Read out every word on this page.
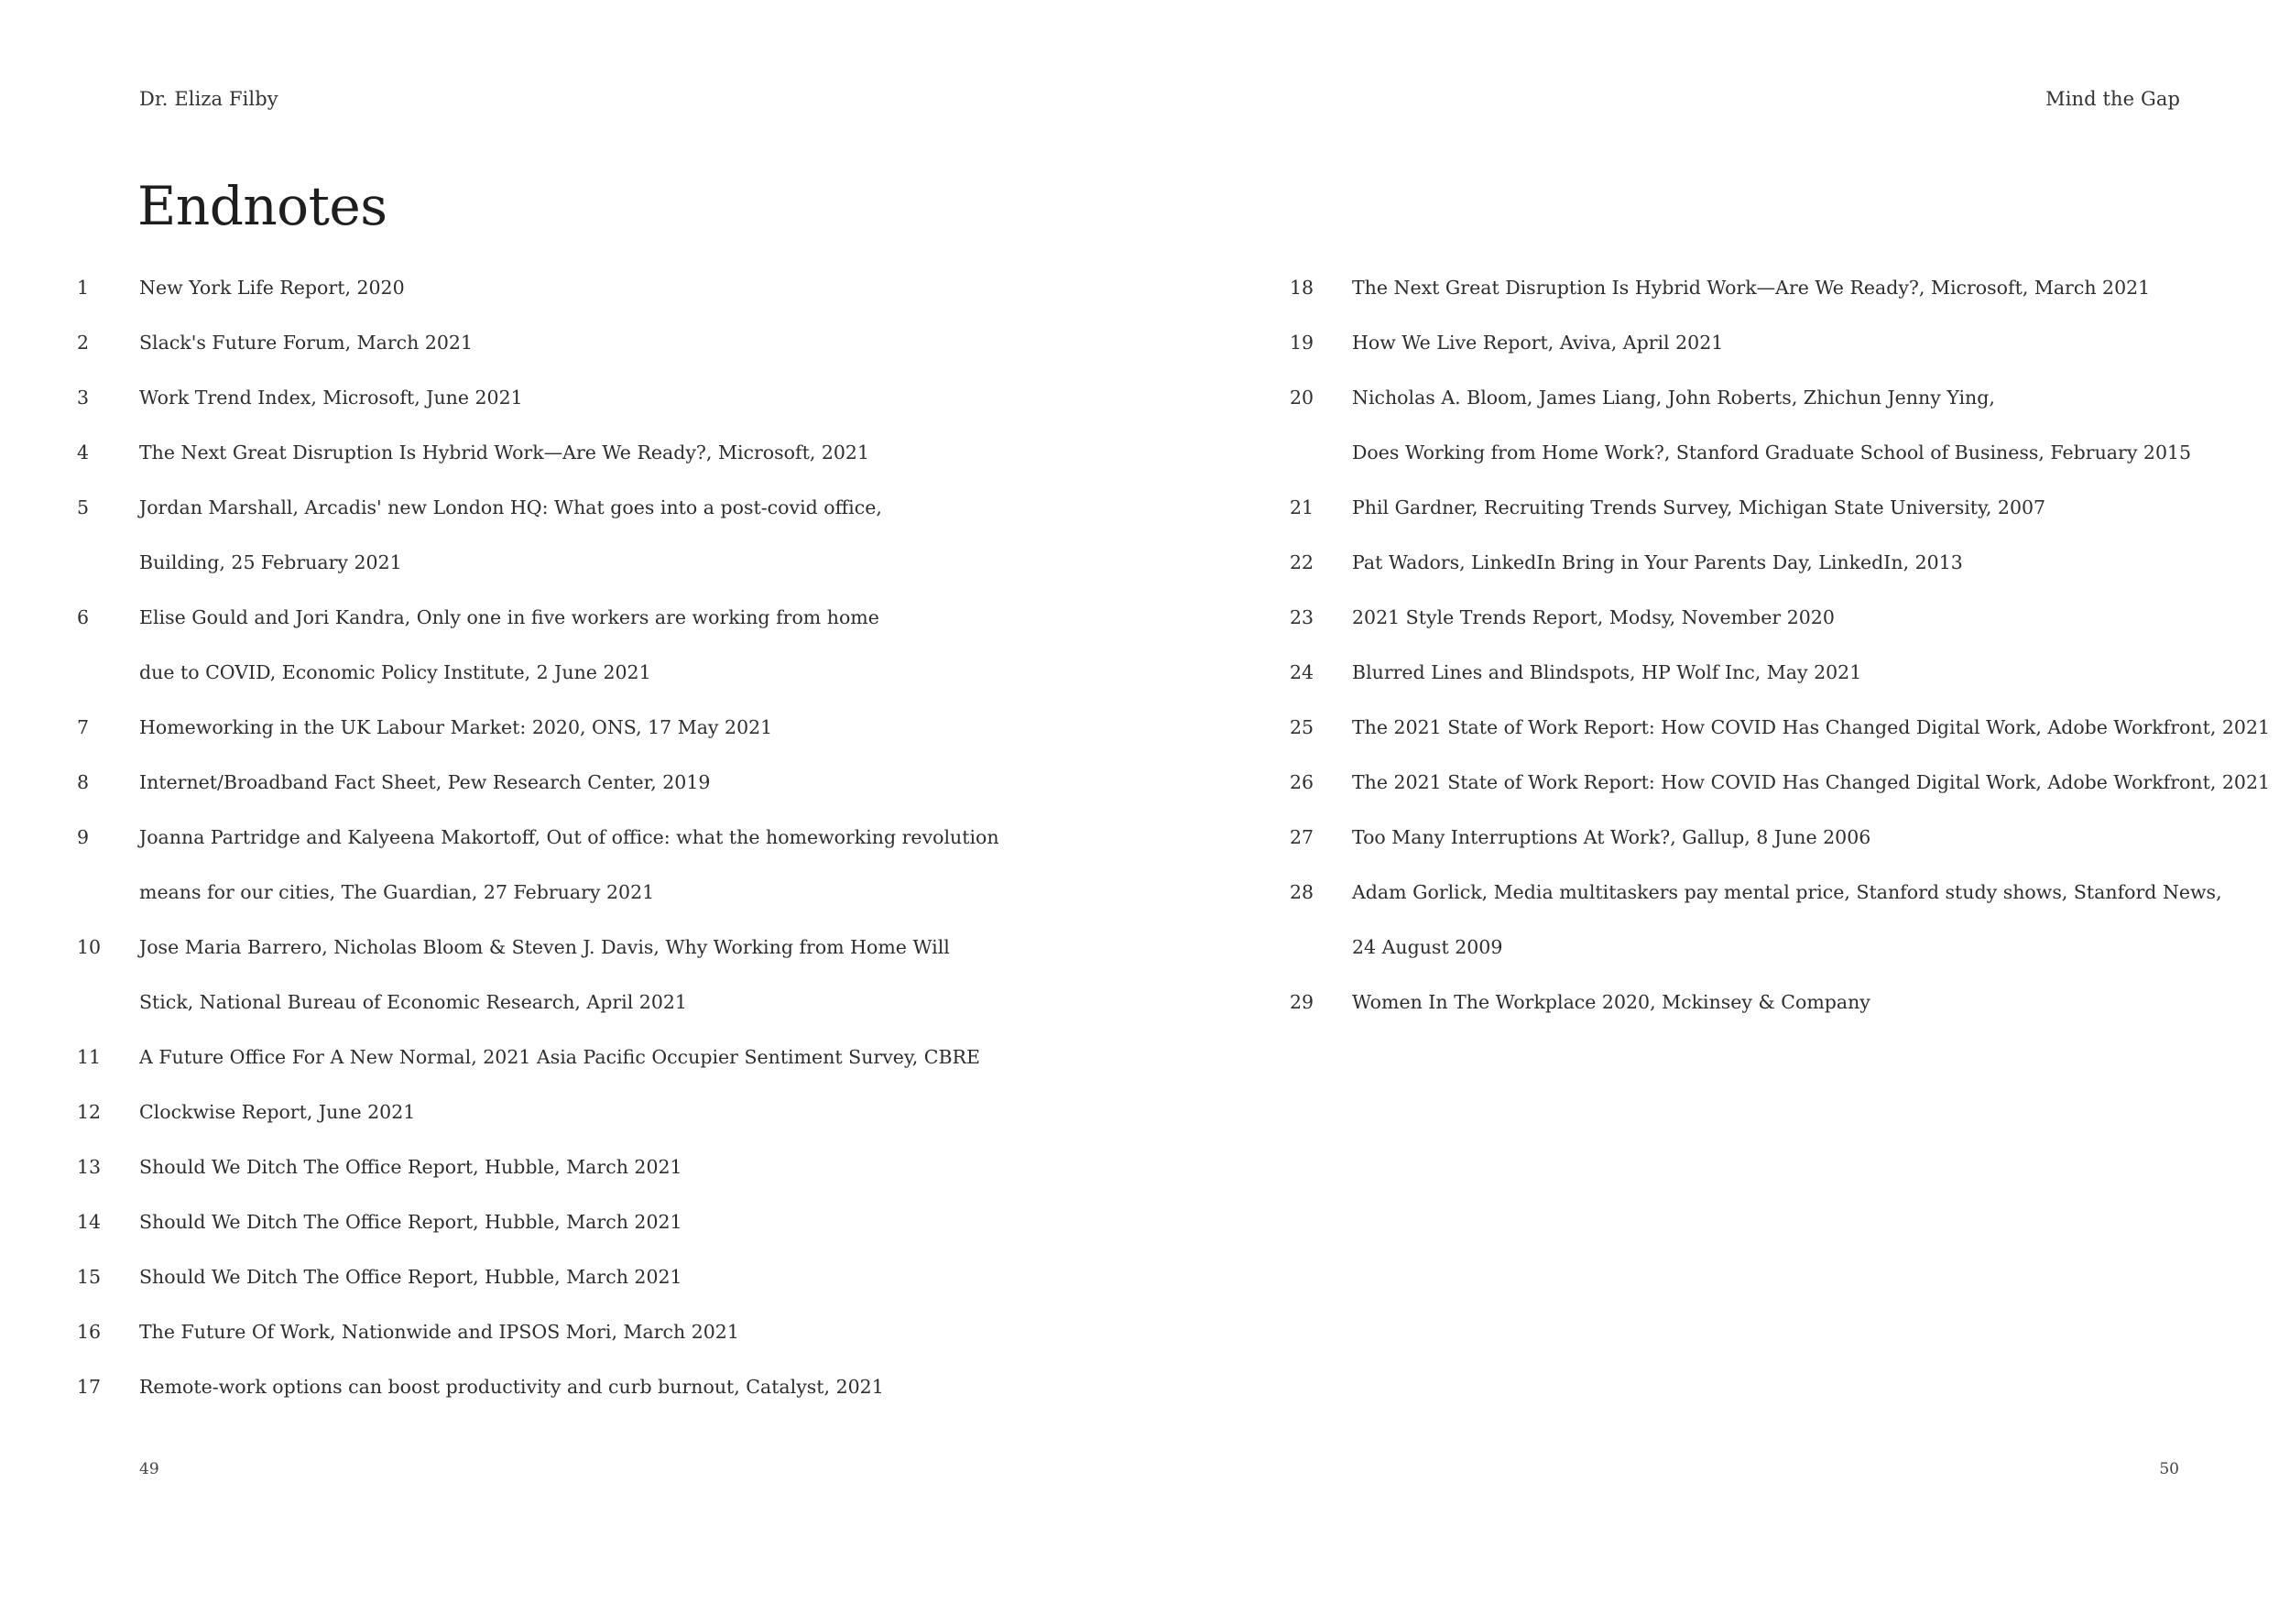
Dr. Eliza Filby	Mind the Gap
Endnotes
1	New York Life Report, 2020
2	Slack's Future Forum, March 2021
3	Work Trend Index, Microsoft, June 2021
4	The Next Great Disruption Is Hybrid Work—Are We Ready?, Microsoft, 2021
5	Jordan Marshall, Arcadis' new London HQ: What goes into a post-covid office,
Building, 25 February 2021
6	Elise Gould and Jori Kandra, Only one in five workers are working from home
due to COVID, Economic Policy Institute, 2 June 2021
7	Homeworking in the UK Labour Market: 2020, ONS, 17 May 2021
8	Internet/Broadband Fact Sheet, Pew Research Center, 2019
9	Joanna Partridge and Kalyeena Makortoff, Out of office: what the homeworking revolution
means for our cities, The Guardian, 27 February 2021
10	Jose Maria Barrero, Nicholas Bloom & Steven J. Davis, Why Working from Home Will
Stick, National Bureau of Economic Research, April 2021
11	A Future Office For A New Normal, 2021 Asia Pacific Occupier Sentiment Survey, CBRE
12	Clockwise Report, June 2021
13	Should We Ditch The Office Report, Hubble, March 2021
14	Should We Ditch The Office Report, Hubble, March 2021
15	Should We Ditch The Office Report, Hubble, March 2021
16	The Future Of Work, Nationwide and IPSOS Mori, March 2021
17	Remote-work options can boost productivity and curb burnout, Catalyst, 2021
18	The Next Great Disruption Is Hybrid Work—Are We Ready?, Microsoft, March 2021
19	How We Live Report, Aviva, April 2021
20	Nicholas A. Bloom, James Liang, John Roberts, Zhichun Jenny Ying,
Does Working from Home Work?, Stanford Graduate School of Business, February 2015
21	Phil Gardner, Recruiting Trends Survey, Michigan State University, 2007
22	Pat Wadors, LinkedIn Bring in Your Parents Day, LinkedIn, 2013
23	2021 Style Trends Report, Modsy, November 2020
24	Blurred Lines and Blindspots, HP Wolf Inc, May 2021
25	The 2021 State of Work Report: How COVID Has Changed Digital Work, Adobe Workfront, 2021
26	The 2021 State of Work Report: How COVID Has Changed Digital Work, Adobe Workfront, 2021
27	Too Many Interruptions At Work?, Gallup, 8 June 2006
28	Adam Gorlick, Media multitaskers pay mental price, Stanford study shows, Stanford News,
24 August 2009
29	Women In The Workplace 2020, Mckinsey & Company
49	50
